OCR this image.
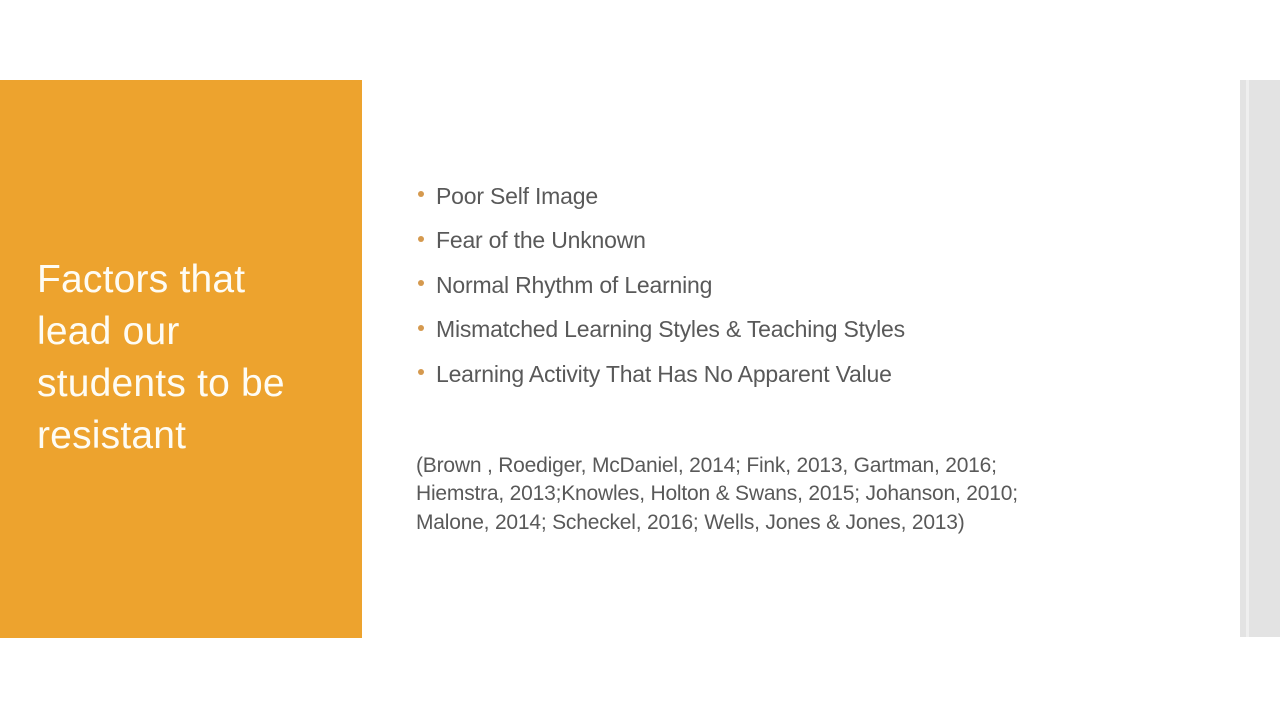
Factors that
lead our
students to be
resistant
Poor Self Image
Fear of the Unknown
Normal Rhythm of Learning
Mismatched Learning Styles & Teaching Styles
Learning Activity That Has No Apparent Value
(Brown , Roediger, McDaniel, 2014; Fink, 2013, Gartman, 2016;
Hiemstra, 2013;Knowles, Holton & Swans, 2015; Johanson, 2010;
Malone, 2014; Scheckel, 2016; Wells, Jones & Jones, 2013)
